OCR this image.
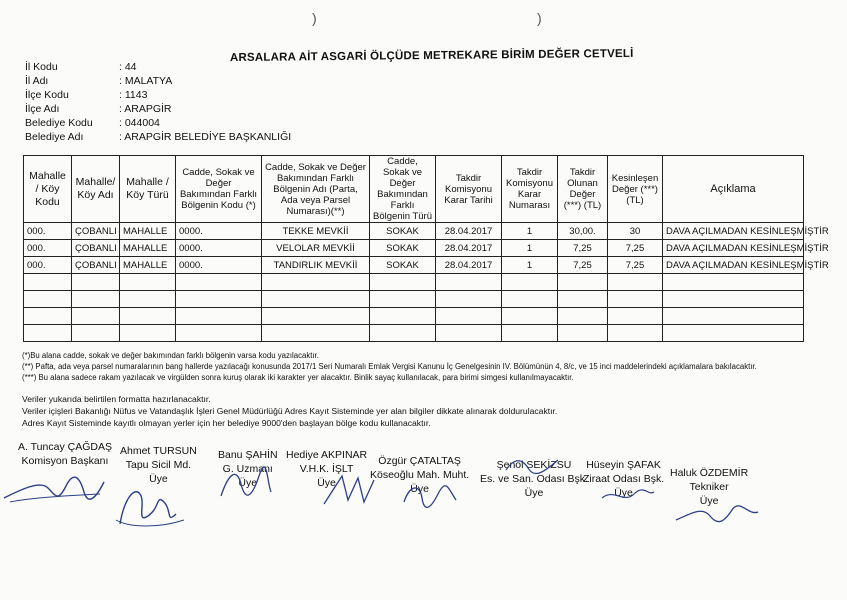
)	)
ARSALARA AİT ASGARİ ÖLÇÜDE METREKARE BİRİM DEĞER CETVELİ
İl Kodu	: 44
İl Adı	: MALATYA
İlçe Kodu	: 1143
İlçe Adı	: ARAPGİR
Belediye Kodu	: 044004
Belediye Adı	: ARAPGİR BELEDİYE BAŞKANLIĞI
Mahalle / Köy Kodu	Mahalle/ Köy Adı	Mahalle / Köy Türü	Cadde, Sokak ve Değer Bakımından Farklı Bölgenin Kodu (*)	Cadde, Sokak ve Değer Bakımından Farklı Bölgenin Adı (Parta, Ada veya Parsel Numarası)(**)	Cadde, Sokak ve Değer Bakımından Farklı Bölgenin Türü	Takdir Komisyonu Karar Tarihi	Takdir Komisyonu Karar Numarası	Takdir Olunan Değer (***) (TL)	Kesinleşen Değer (***) (TL)	Açıklama
000.	ÇOBANLI	MAHALLE	0000.	TEKKE MEVKİİ	SOKAK	28.04.2017	1	30,00.	30	DAVA AÇILMADAN KESİNLEŞMİŞTİR
000.	ÇOBANLI	MAHALLE	0000.	VELOLAR MEVKİİ	SOKAK	28.04.2017	1	7,25	7,25	DAVA AÇILMADAN KESİNLEŞMİŞTİR
000.	ÇOBANLI	MAHALLE	0000.	TANDIRLIK MEVKİİ	SOKAK	28.04.2017	1	7,25	7,25	DAVA AÇILMADAN KESİNLEŞMİŞTİR

(*)Bu alana cadde, sokak ve değer bakımından farklı bölgenin varsa kodu yazılacaktır.
(**) Pafta, ada veya parsel numaralarının bang hallerde yazılacağı konusunda 2017/1 Seri Numaralı Emlak Vergisi Kanunu İç Genelgesinin IV. Bölümünün 4, 8/c, ve 15 inci maddelerindeki açıklamalara bakılacaktır.
(***) Bu alana sadece rakam yazılacak ve virgülden sonra kuruş olarak iki karakter yer alacaktır. Binlik sayaç kullanılacak, para birimi simgesi kullanılmayacaktır.
Veriler yukarıda belirtilen formatta hazırlanacaktır.
Veriler içişleri Bakanlığı Nüfus ve Vatandaşlık İşleri Genel Müdürlüğü Adres Kayıt Sisteminde yer alan bilgiler dikkate alınarak doldurulacaktır.
Adres Kayıt Sisteminde kayıtlı olmayan yerler için her belediye 9000'den başlayan bölge kodu kullanacaktır.
A. Tuncay ÇAĞDAŞ
Komisyon Başkanı
Ahmet TURSUN
Tapu Sicil Md.
Üye
Banu ŞAHİN
G. Uzmanı
Üye
Hediye AKPINAR
V.H.K. İŞLT
Üye
Özgür ÇATALTAŞ
Köseoğlu Mah. Muht.
Üye
Şenol SEKİZSU
Es. ve San. Odası Bşk.
Üye
Hüseyin ŞAFAK
Ziraat Odası Bşk.
Üye
Haluk ÖZDEMİR
Tekniker
Üye
